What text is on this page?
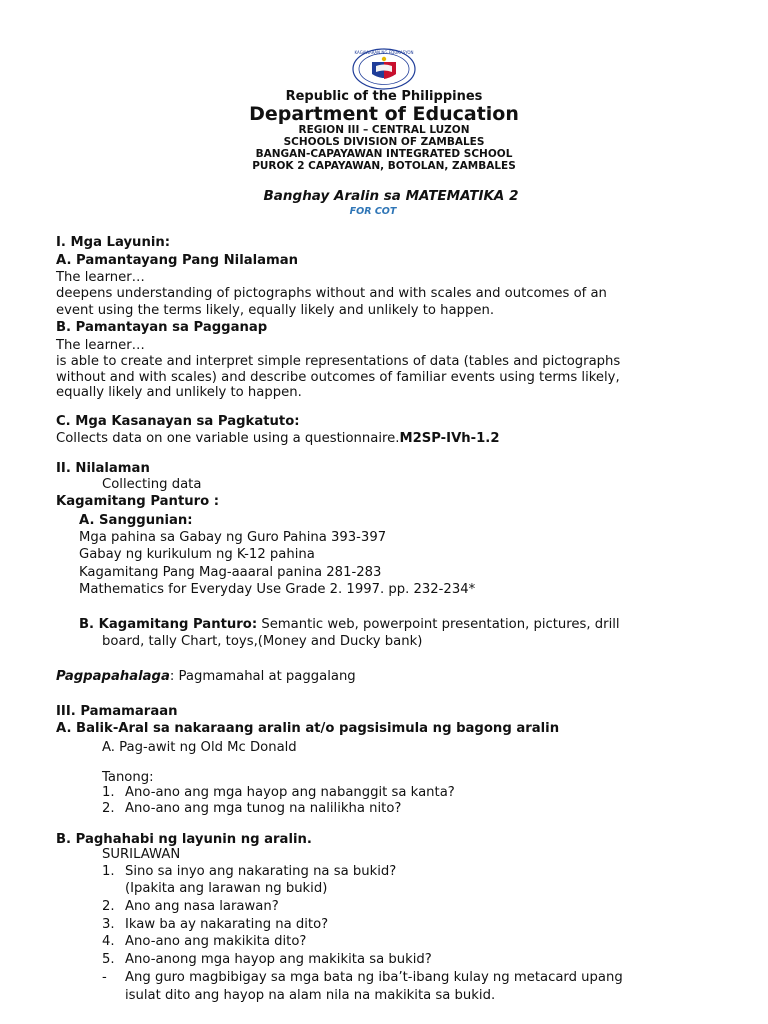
KAGAWARAN NG EDUKASYON
Republic of the Philippines
Department of Education
REGION III – CENTRAL LUZON
SCHOOLS DIVISION OF ZAMBALES
BANGAN-CAPAYAWAN INTEGRATED SCHOOL
PUROK 2 CAPAYAWAN, BOTOLAN, ZAMBALES
Banghay Aralin sa MATEMATIKA 2
FOR COT
I. Mga Layunin:
A. Pamantayang Pang Nilalaman
The learner…
deepens understanding of pictographs without and with scales and outcomes of an
event using the terms likely, equally likely and unlikely to happen.
B. Pamantayan sa Pagganap
The learner…
is able to create and interpret simple representations of data (tables and pictographs
without and with scales) and describe outcomes of familiar events using terms likely,
equally likely and unlikely to happen.
C. Mga Kasanayan sa Pagkatuto:
Collects data on one variable using a questionnaire.M2SP-IVh-1.2
II. Nilalaman
Collecting data
Kagamitang Panturo :
A. Sanggunian:
Mga pahina sa Gabay ng Guro Pahina 393-397
Gabay ng kurikulum ng K-12 pahina
Kagamitang Pang Mag-aaaral panina 281-283
Mathematics for Everyday Use Grade 2. 1997. pp. 232-234*
B. Kagamitang Panturo: Semantic web, powerpoint presentation, pictures, drill
board, tally Chart, toys,(Money and Ducky bank)
Pagpapahalaga: Pagmamahal at paggalang
III. Pamamaraan
A. Balik-Aral sa nakaraang aralin at/o pagsisimula ng bagong aralin
A. Pag-awit ng Old Mc Donald
Tanong:
1. Ano-ano ang mga hayop ang nabanggit sa kanta?
2. Ano-ano ang mga tunog na nalilikha nito?
B. Paghahabi ng layunin ng aralin.
SURILAWAN
1. Sino sa inyo ang nakarating na sa bukid?
(Ipakita ang larawan ng bukid)
2. Ano ang nasa larawan?
3. Ikaw ba ay nakarating na dito?
4. Ano-ano ang makikita dito?
5. Ano-anong mga hayop ang makikita sa bukid?
- Ang guro magbibigay sa mga bata ng iba’t-ibang kulay ng metacard upang
isulat dito ang hayop na alam nila na makikita sa bukid.
